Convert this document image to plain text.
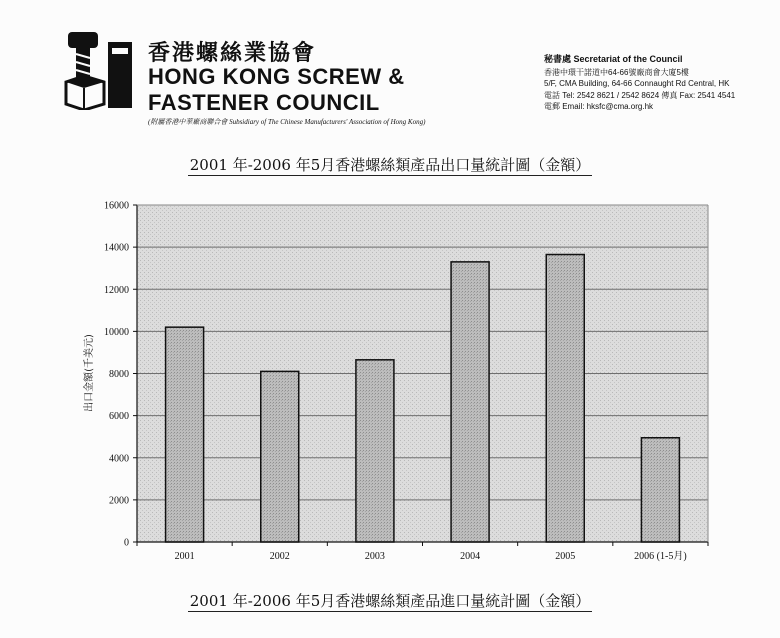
香港螺絲業協會
HONG KONG SCREW &
FASTENER COUNCIL
(附屬香港中華廠商聯合會 Subsidiary of The Chinese Manufacturers' Association of Hong Kong)
秘書處 Secretariat of the Council
香港中環干諾道中64-66號廠商會大廈5樓
5/F, CMA Building, 64-66 Connaught Rd Central, HK
電話 Tel: 2542 8621 / 2542 8624 傳真 Fax: 2541 4541
電郵 Email: hksfc@cma.org.hk
2001 年-2006 年5月香港螺絲類產品出口量統計圖（金額）
0
2000
4000
6000
8000
10000
12000
14000
16000
2001	2002	2003	2004	2005	2006 (1-5月)
出口金額(千美元)
2001 年-2006 年5月香港螺絲類產品進口量統計圖（金額）
